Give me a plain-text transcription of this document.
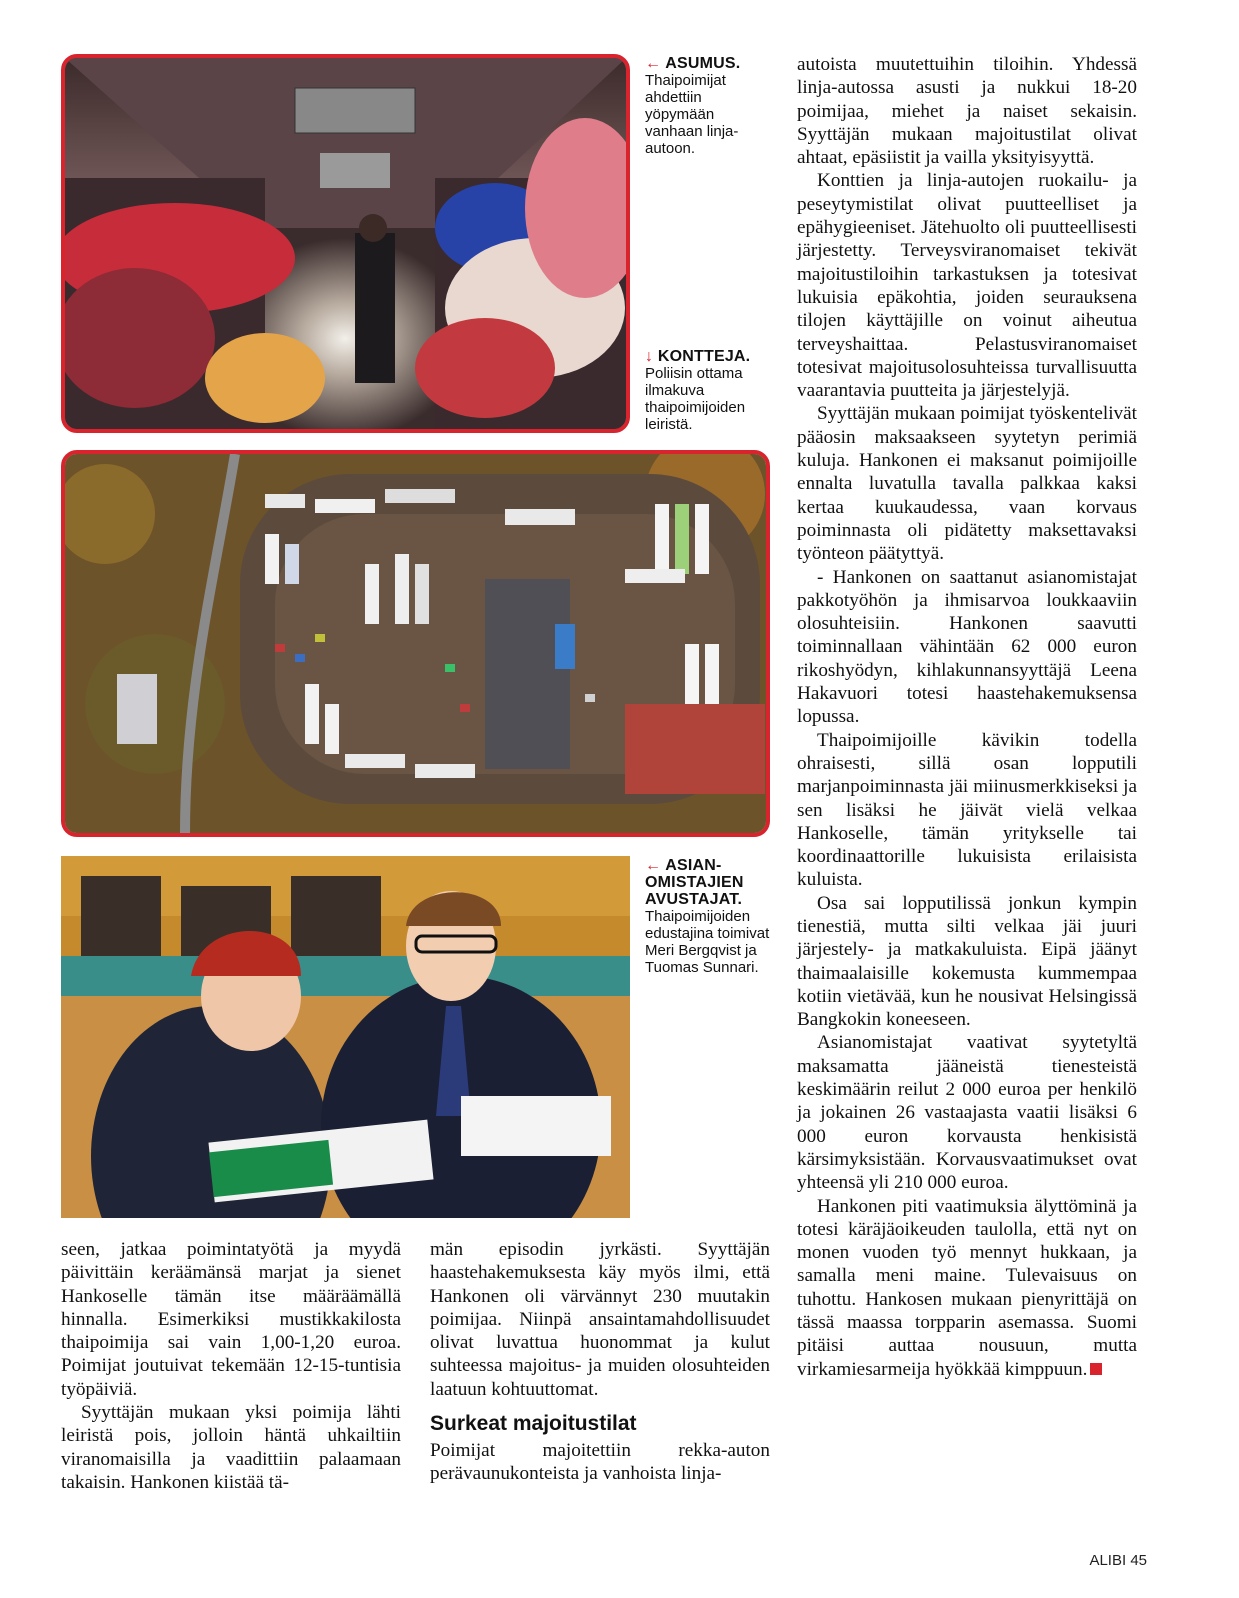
← ASUMUS.
Thaipoimijat ahdettiin yöpymään vanhaan linja-autoon.
↓ KONTTEJA.
Poliisin ottama ilmakuva thaipoimijoiden leiristä.
← ASIAN-OMISTAJIEN AVUSTAJAT.
Thaipoimijoiden edustajina toimivat Meri Bergqvist ja Tuomas Sunnari.

seen, jatkaa poimintatyötä ja myydä päivittäin keräämänsä marjat ja sienet Hankoselle tämän itse määräämällä hinnalla. Esimerkiksi mustikkakilosta thaipoimija sai vain 1,00-1,20 euroa. Poimijat joutuivat tekemään 12-15-tuntisia työpäiviä.

Syyttäjän mukaan yksi poimija lähti leiristä pois, jolloin häntä uhkailtiin viranomaisilla ja vaadittiin palaamaan takaisin. Hankonen kiistää tä-

män episodin jyrkästi. Syyttäjän haastehakemuksesta käy myös ilmi, että Hankonen oli värvännyt 230 muutakin poimijaa. Niinpä ansaintamahdollisuudet olivat luvattua huonommat ja kulut suhteessa majoitus- ja muiden olosuhteiden laatuun kohtuuttomat.

Surkeat majoitustilat

Poimijat majoitettiin rekka-auton perävaunukonteista ja vanhoista linja-

autoista muutettuihin tiloihin. Yhdessä linja-autossa asusti ja nukkui 18-20 poimijaa, miehet ja naiset sekaisin. Syyttäjän mukaan majoitustilat olivat ahtaat, epäsiistit ja vailla yksityisyyttä.

Konttien ja linja-autojen ruokailu- ja peseytymistilat olivat puutteelliset ja epähygieeniset. Jätehuolto oli puutteellisesti järjestetty. Terveysviranomaiset tekivät majoitustiloihin tarkastuksen ja totesivat lukuisia epäkohtia, joiden seurauksena tilojen käyttäjille on voinut aiheutua terveyshaittaa. Pelastusviranomaiset totesivat majoitusolosuhteissa turvallisuutta vaarantavia puutteita ja järjestelyjä.

Syyttäjän mukaan poimijat työskentelivät pääosin maksaakseen syytetyn perimiä kuluja. Hankonen ei maksanut poimijoille ennalta luvatulla tavalla palkkaa kaksi kertaa kuukaudessa, vaan korvaus poiminnasta oli pidätetty maksettavaksi työnteon päätyttyä.

- Hankonen on saattanut asianomistajat pakkotyöhön ja ihmisarvoa loukkaaviin olosuhteisiin. Hankonen saavutti toiminnallaan vähintään 62 000 euron rikoshyödyn, kihlakunnansyyttäjä Leena Hakavuori totesi haastehakemuksensa lopussa.

Thaipoimijoille kävikin todella ohraisesti, sillä osan lopputili marjanpoiminnasta jäi miinusmerkkiseksi ja sen lisäksi he jäivät vielä velkaa Hankoselle, tämän yritykselle tai koordinaattorille lukuisista erilaisista kuluista.

Osa sai lopputilissä jonkun kympin tienestiä, mutta silti velkaa jäi juuri järjestely- ja matkakuluista. Eipä jäänyt thaimaalaisille kokemusta kummempaa kotiin vietävää, kun he nousivat Helsingissä Bangkokin koneeseen.

Asianomistajat vaativat syytetyltä maksamatta jääneistä tienesteistä keskimäärin reilut 2 000 euroa per henkilö ja jokainen 26 vastaajasta vaatii lisäksi 6 000 euron korvausta henkisistä kärsimyksistään. Korvausvaatimukset ovat yhteensä yli 210 000 euroa.

Hankonen piti vaatimuksia älyttöminä ja totesi käräjäoikeuden taulolla, että nyt on monen vuoden työ mennyt hukkaan, ja samalla meni maine. Tulevaisuus on tuhottu. Hankosen mukaan pienyrittäjä on tässä maassa torpparin asemassa. Suomi pitäisi auttaa nousuun, mutta virkamiesarmeija hyökkää kimppuun.

ALIBI 45
